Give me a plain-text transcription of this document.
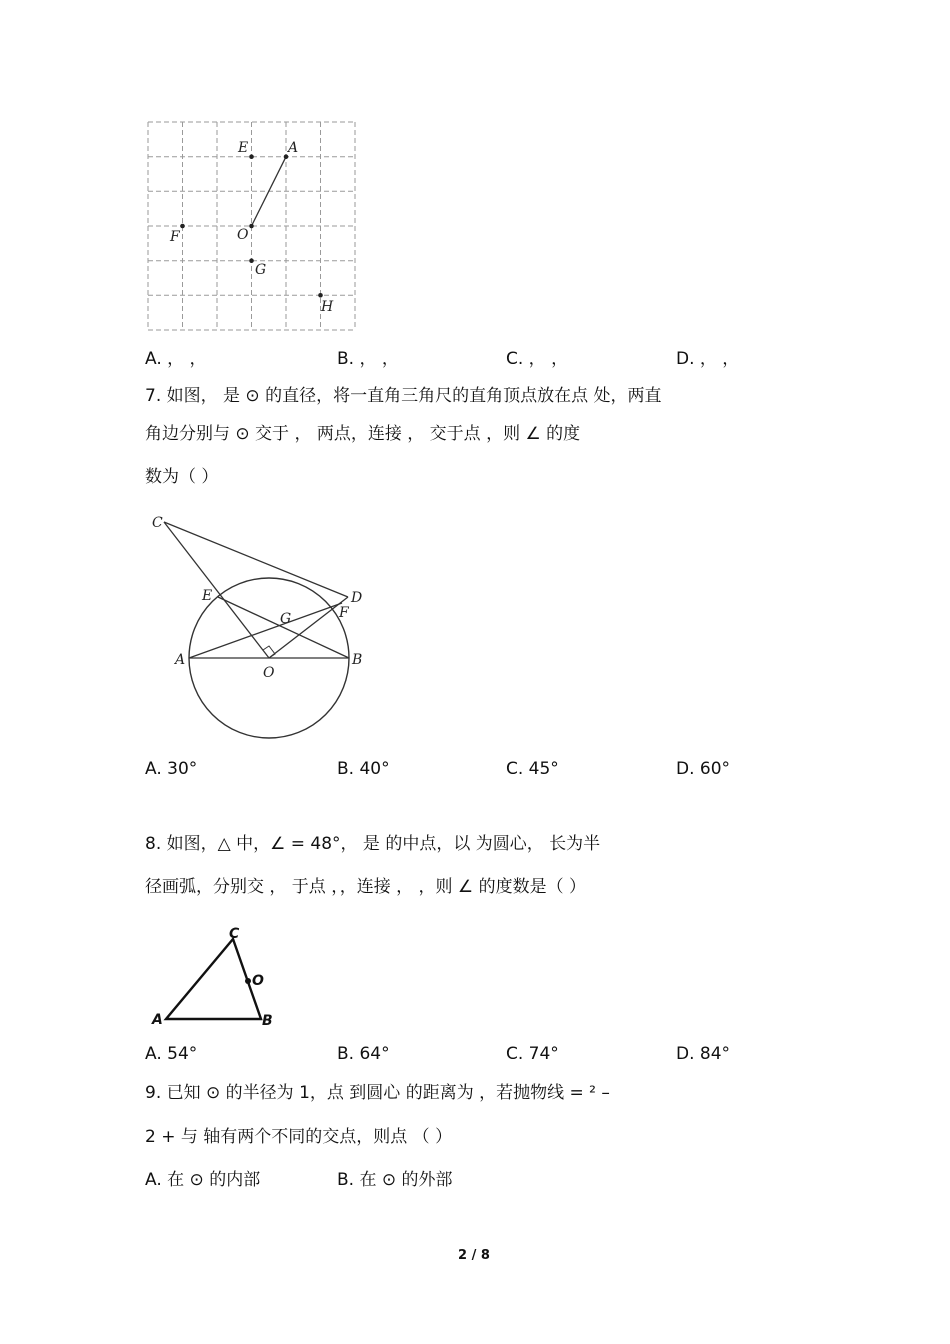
E	A
F	O
G
H
A. ， ，	B. ， ，	C. ， ，	D. ， ，
7. 如图， 是 ⊙ 的直径，将一直角三角尺的直角顶点放在点 处，两直
角边分别与 ⊙ 交于 ， 两点，连接 ， 交于点 ，则 ∠ 的度
数为（ ）
C
E	D
F
G
A	B
O
A. 30°	B. 40°	C. 45°	D. 60°
8. 如图，△ 中，∠ = 48°， 是 的中点，以 为圆心， 长为半
径画弧，分别交 ， 于点 ，，连接 ， ，则 ∠ 的度数是（ ）
C
O
A	B
A. 54°	B. 64°	C. 74°	D. 84°
9. 已知 ⊙ 的半径为 1，点 到圆心 的距离为 ，若抛物线 = ² –
2 + 与 轴有两个不同的交点，则点 （ ）
A. 在 ⊙ 的内部	B. 在 ⊙ 的外部
2 / 8
